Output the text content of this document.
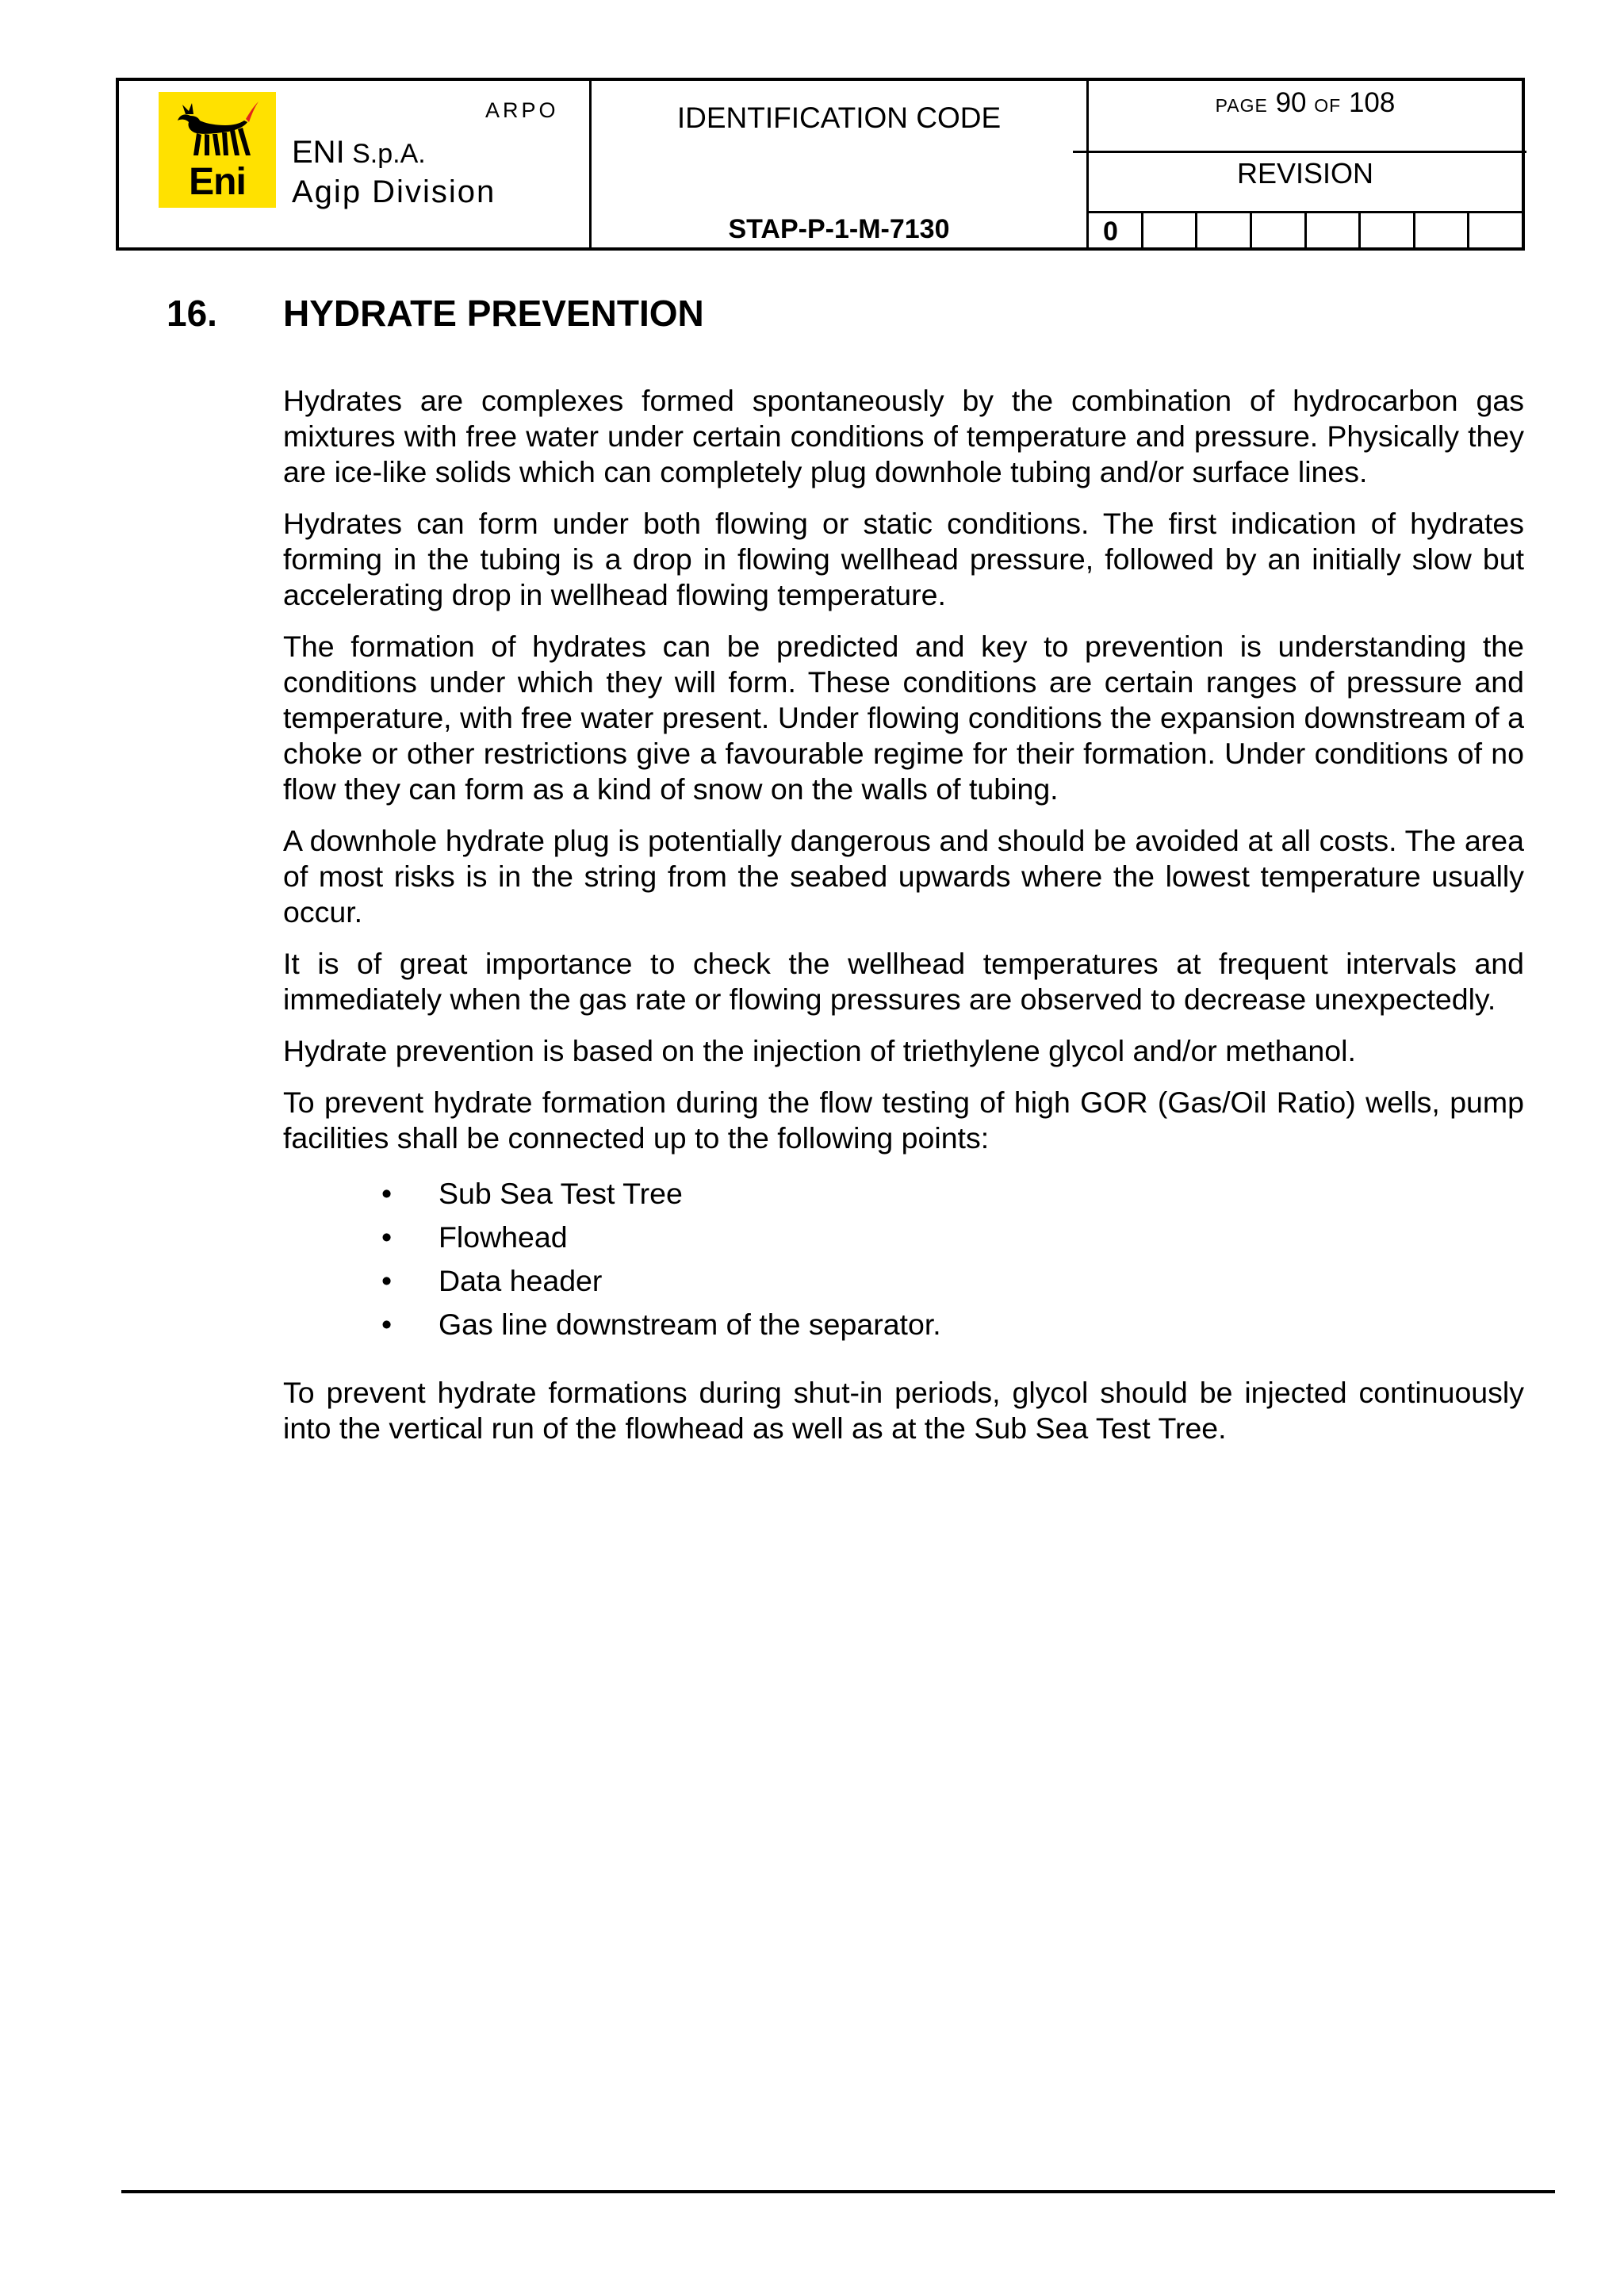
Eni
ARPO
ENI S.p.A.
Agip Division
IDENTIFICATION CODE
STAP-P-1-M-7130
PAGE 90 OF 108
REVISION
0
16. HYDRATE PREVENTION

Hydrates are complexes formed spontaneously by the combination of hydrocarbon gas mixtures with free water under certain conditions of temperature and pressure. Physically they are ice-like solids which can completely plug downhole tubing and/or surface lines.

Hydrates can form under both flowing or static conditions. The first indication of hydrates forming in the tubing is a drop in flowing wellhead pressure, followed by an initially slow but accelerating drop in wellhead flowing temperature.

The formation of hydrates can be predicted and key to prevention is understanding the conditions under which they will form. These conditions are certain ranges of pressure and temperature, with free water present. Under flowing conditions the expansion downstream of a choke or other restrictions give a favourable regime for their formation. Under conditions of no flow they can form as a kind of snow on the walls of tubing.

A downhole hydrate plug is potentially dangerous and should be avoided at all costs. The area of most risks is in the string from the seabed upwards where the lowest temperature usually occur.

It is of great importance to check the wellhead temperatures at frequent intervals and immediately when the gas rate or flowing pressures are observed to decrease unexpectedly.

Hydrate prevention is based on the injection of triethylene glycol and/or methanol.

To prevent hydrate formation during the flow testing of high GOR (Gas/Oil Ratio) wells, pump facilities shall be connected up to the following points:

• Sub Sea Test Tree
• Flowhead
• Data header
• Gas line downstream of the separator.

To prevent hydrate formations during shut-in periods, glycol should be injected continuously into the vertical run of the flowhead as well as at the Sub Sea Test Tree.
